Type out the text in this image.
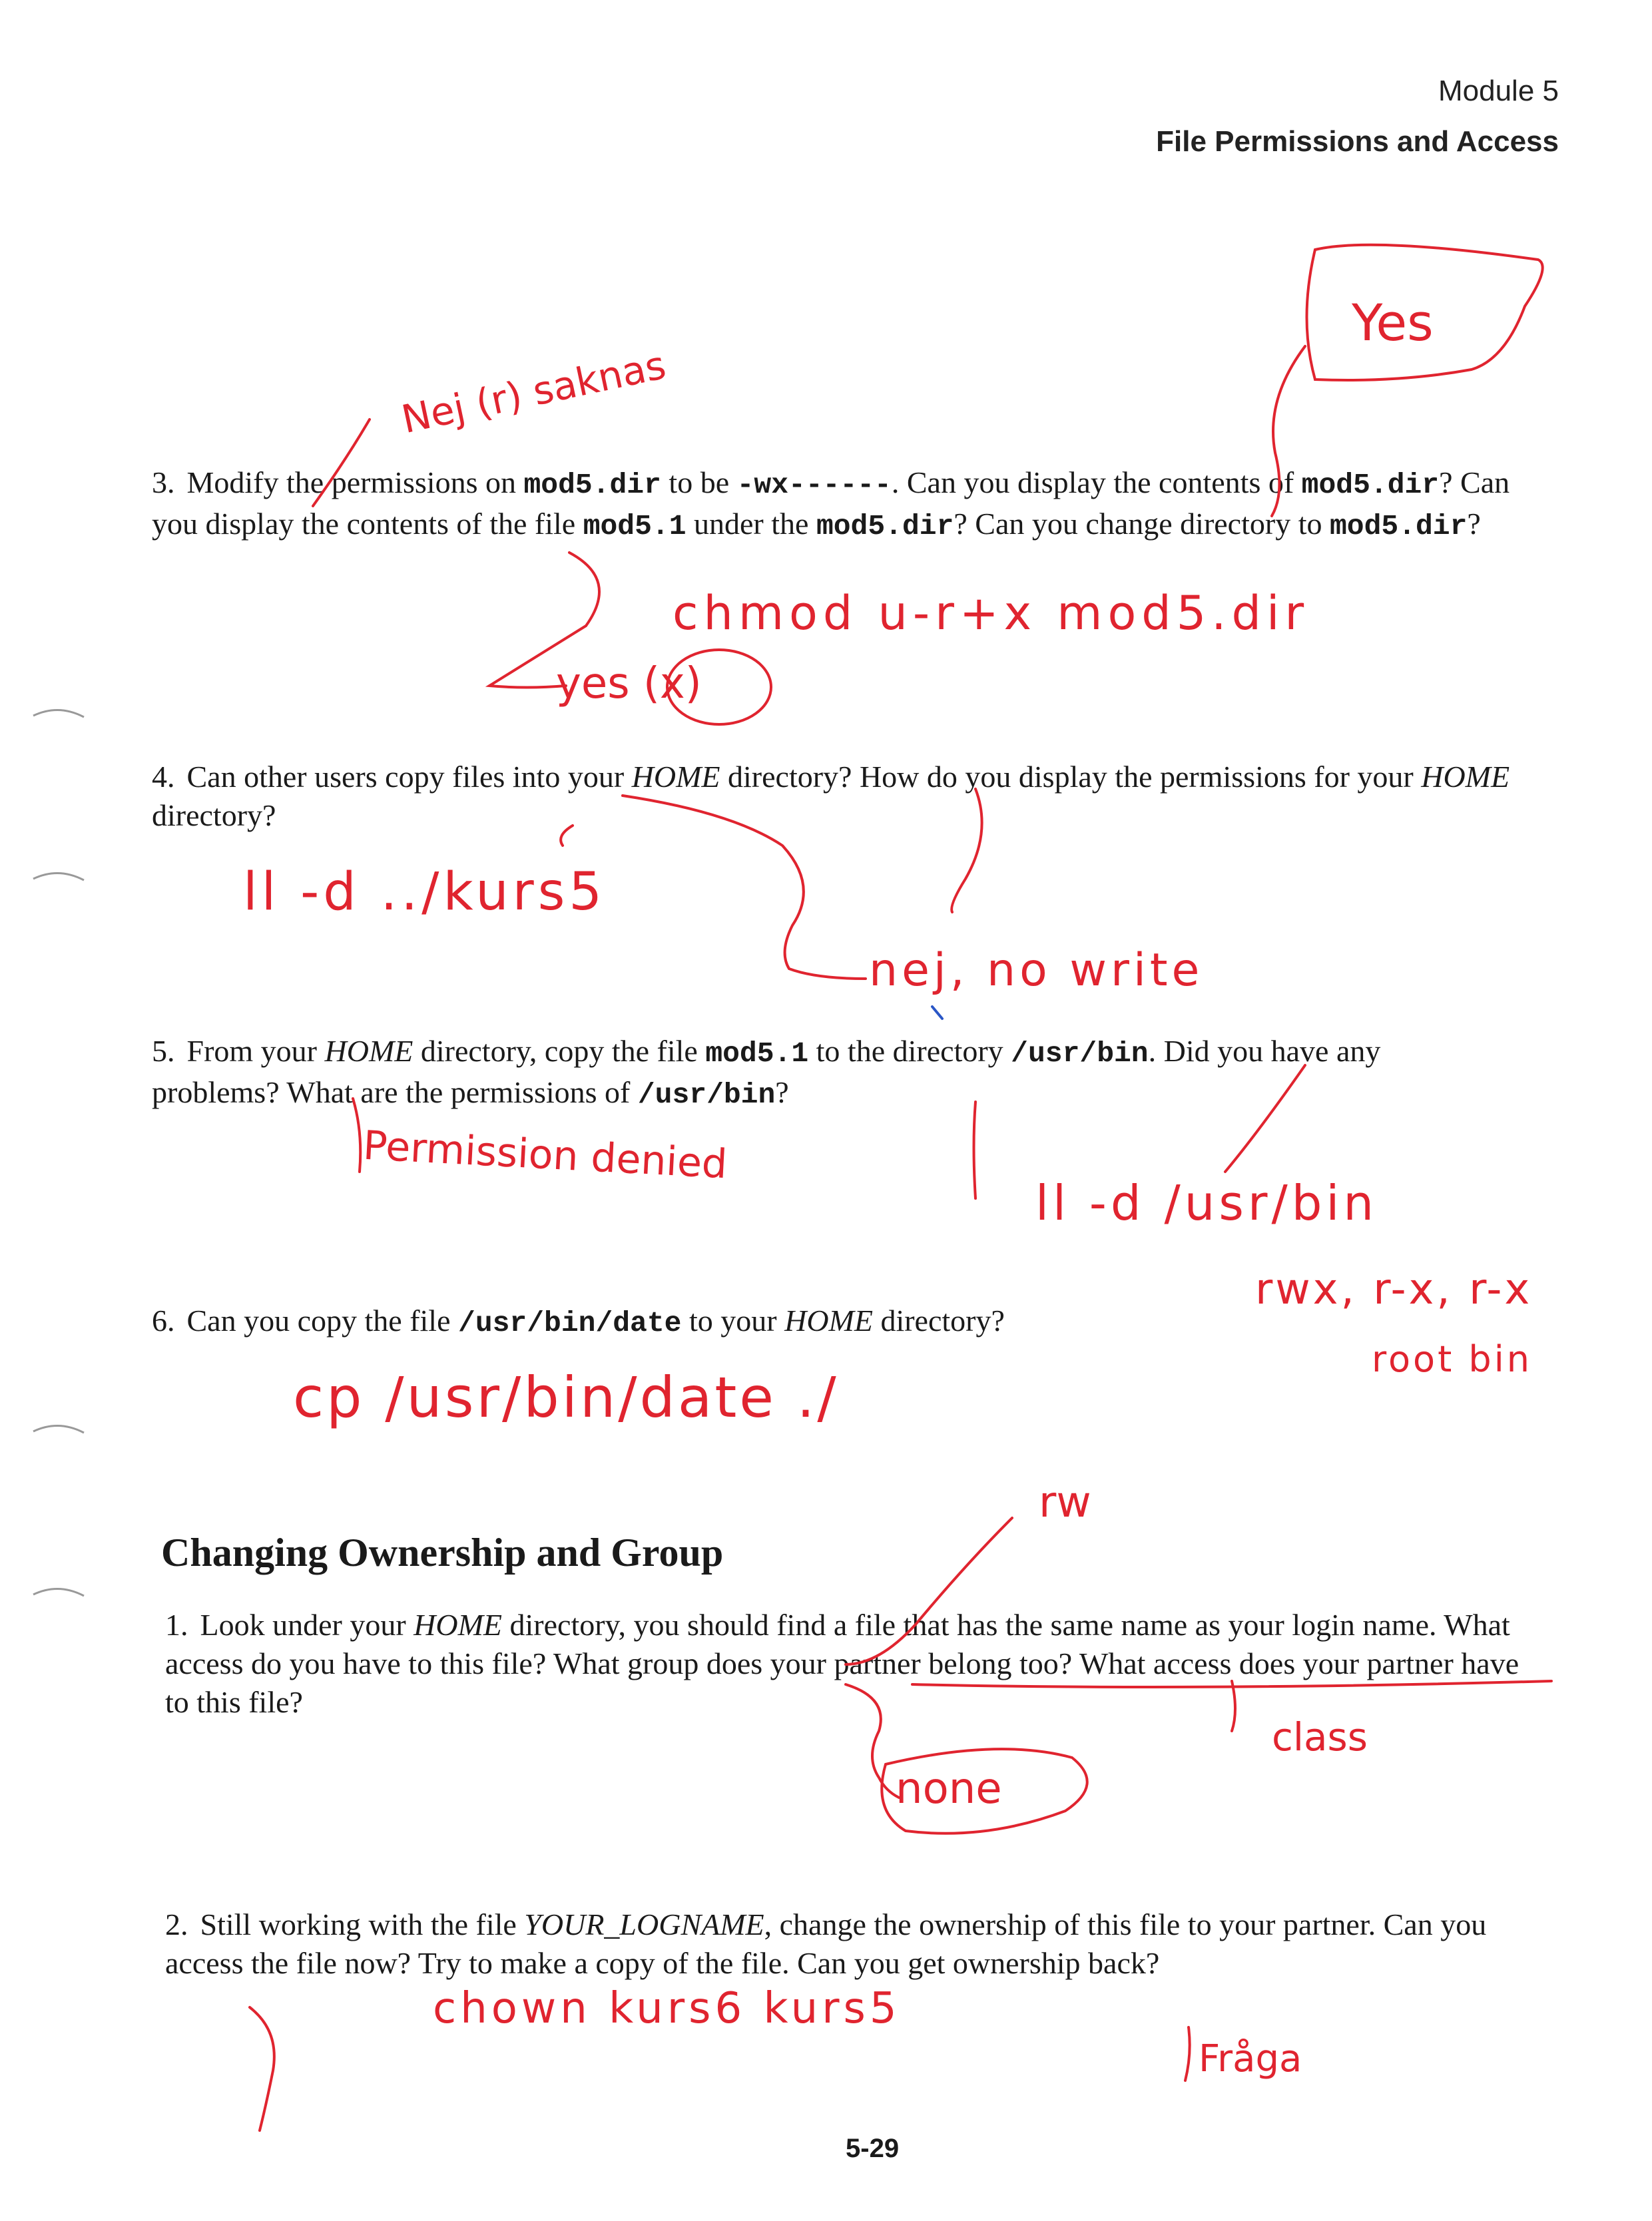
Module 5
File Permissions and Access
3. Modify the permissions on mod5.dir to be -wx------. Can you display the contents of mod5.dir? Can you display the contents of the file mod5.1 under the mod5.dir? Can you change directory to mod5.dir?
4. Can other users copy files into your HOME directory? How do you display the permissions for your HOME directory?
5. From your HOME directory, copy the file mod5.1 to the directory /usr/bin. Did you have any problems? What are the permissions of /usr/bin?
6. Can you copy the file /usr/bin/date to your HOME directory?
Changing Ownership and Group
1. Look under your HOME directory, you should find a file that has the same name as your login name. What access do you have to this file? What group does your partner belong too? What access does your partner have to this file?
2. Still working with the file YOUR_LOGNAME, change the ownership of this file to your partner. Can you access the file now? Try to make a copy of the file. Can you get ownership back?
5-29
Nej (r) saknas
Yes
chmod u-r+x mod5.dir
yes (x)
ll -d ../kurs5
nej, no write
Permission denied
ll -d /usr/bin
rwx, r-x, r-x
root bin
cp /usr/bin/date ./
rw
class
none
chown kurs6 kurs5
Fråga
